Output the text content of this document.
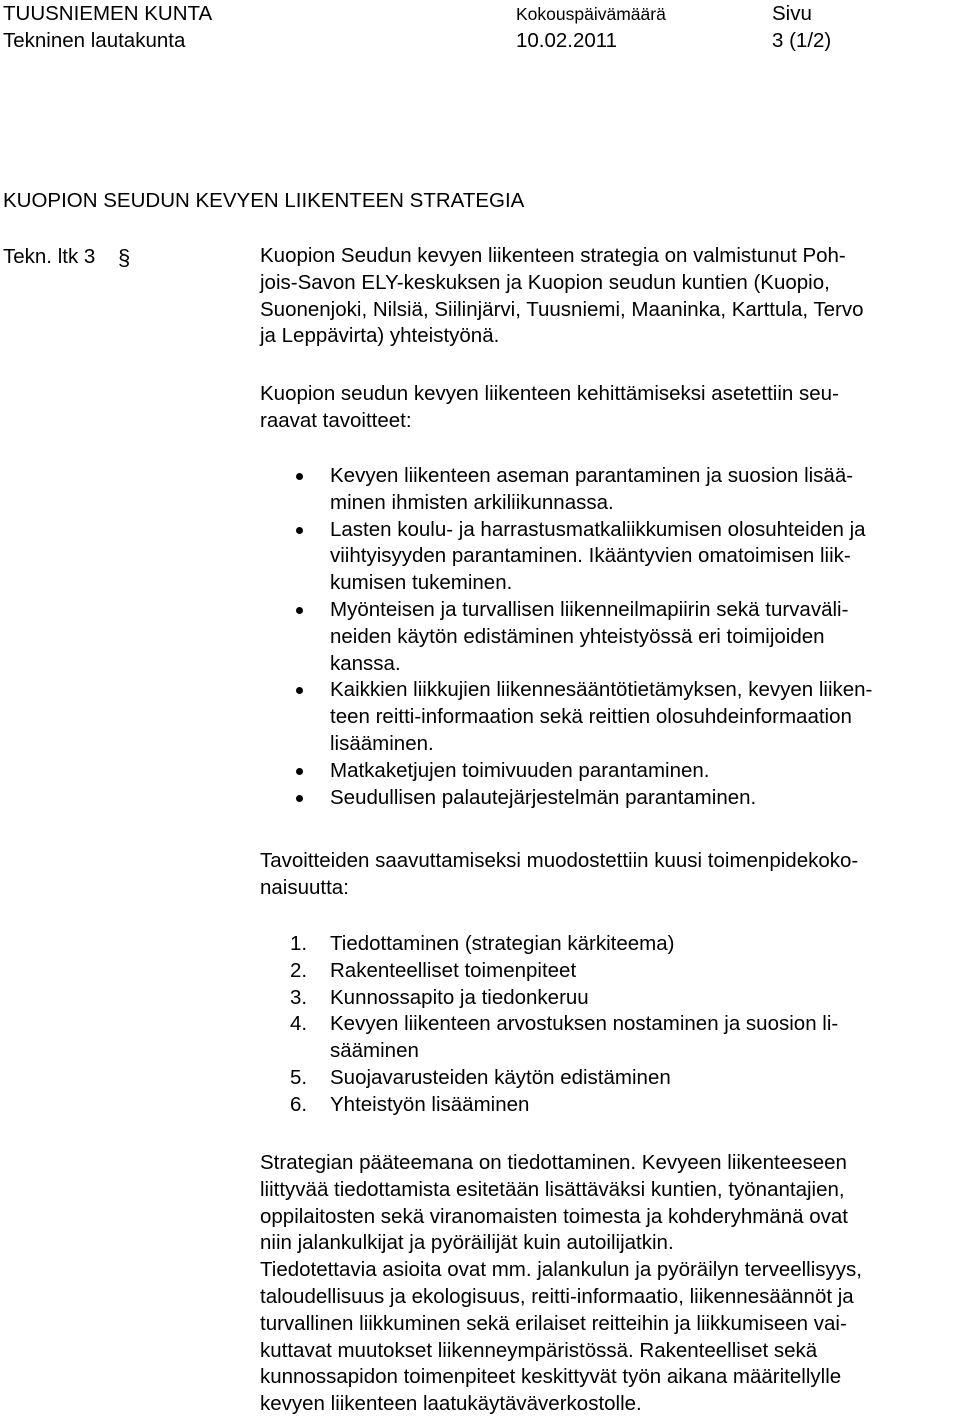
TUUSNIEMEN KUNTA
Tekninen lautakunta
Kokouspäivämäärä
10.02.2011
Sivu
3 (1/2)
KUOPION SEUDUN KEVYEN LIIKENTEEN STRATEGIA
Tekn. ltk 3 §	Kuopion Seudun kevyen liikenteen strategia on valmistunut Poh-
jois-Savon ELY-keskuksen ja Kuopion seudun kuntien (Kuopio,
Suonenjoki, Nilsiä, Siilinjärvi, Tuusniemi, Maaninka, Karttula, Tervo
ja Leppävirta) yhteistyönä.
Kuopion seudun kevyen liikenteen kehittämiseksi asetettiin seu-
raavat tavoitteet:
Kevyen liikenteen aseman parantaminen ja suosion lisää-
minen ihmisten arkiliikunnassa.
Lasten koulu- ja harrastusmatkaliikkumisen olosuhteiden ja
viihtyisyyden parantaminen. Ikääntyvien omatoimisen liik-
kumisen tukeminen.
Myönteisen ja turvallisen liikenneilmapiirin sekä turvaväli-
neiden käytön edistäminen yhteistyössä eri toimijoiden
kanssa.
Kaikkien liikkujien liikennesääntötietämyksen, kevyen liiken-
teen reitti-informaation sekä reittien olosuhdeinformaation
lisääminen.
Matkaketjujen toimivuuden parantaminen.
Seudullisen palautejärjestelmän parantaminen.
Tavoitteiden saavuttamiseksi muodostettiin kuusi toimenpidekoko-
naisuutta:
1. Tiedottaminen (strategian kärkiteema)
2. Rakenteelliset toimenpiteet
3. Kunnossapito ja tiedonkeruu
4. Kevyen liikenteen arvostuksen nostaminen ja suosion li-
sääminen
5. Suojavarusteiden käytön edistäminen
6. Yhteistyön lisääminen
Strategian pääteemana on tiedottaminen. Kevyeen liikenteeseen
liittyvää tiedottamista esitetään lisättäväksi kuntien, työnantajien,
oppilaitosten sekä viranomaisten toimesta ja kohderyhmänä ovat
niin jalankulkijat ja pyöräilijät kuin autoilijatkin.
Tiedotettavia asioita ovat mm. jalankulun ja pyöräilyn terveellisyys,
taloudellisuus ja ekologisuus, reitti-informaatio, liikennesäännöt ja
turvallinen liikkuminen sekä erilaiset reitteihin ja liikkumiseen vai-
kuttavat muutokset liikenneympäristössä. Rakenteelliset sekä
kunnossapidon toimenpiteet keskittyvät työn aikana määritellylle
kevyen liikenteen laatukäytäväverkostolle.
